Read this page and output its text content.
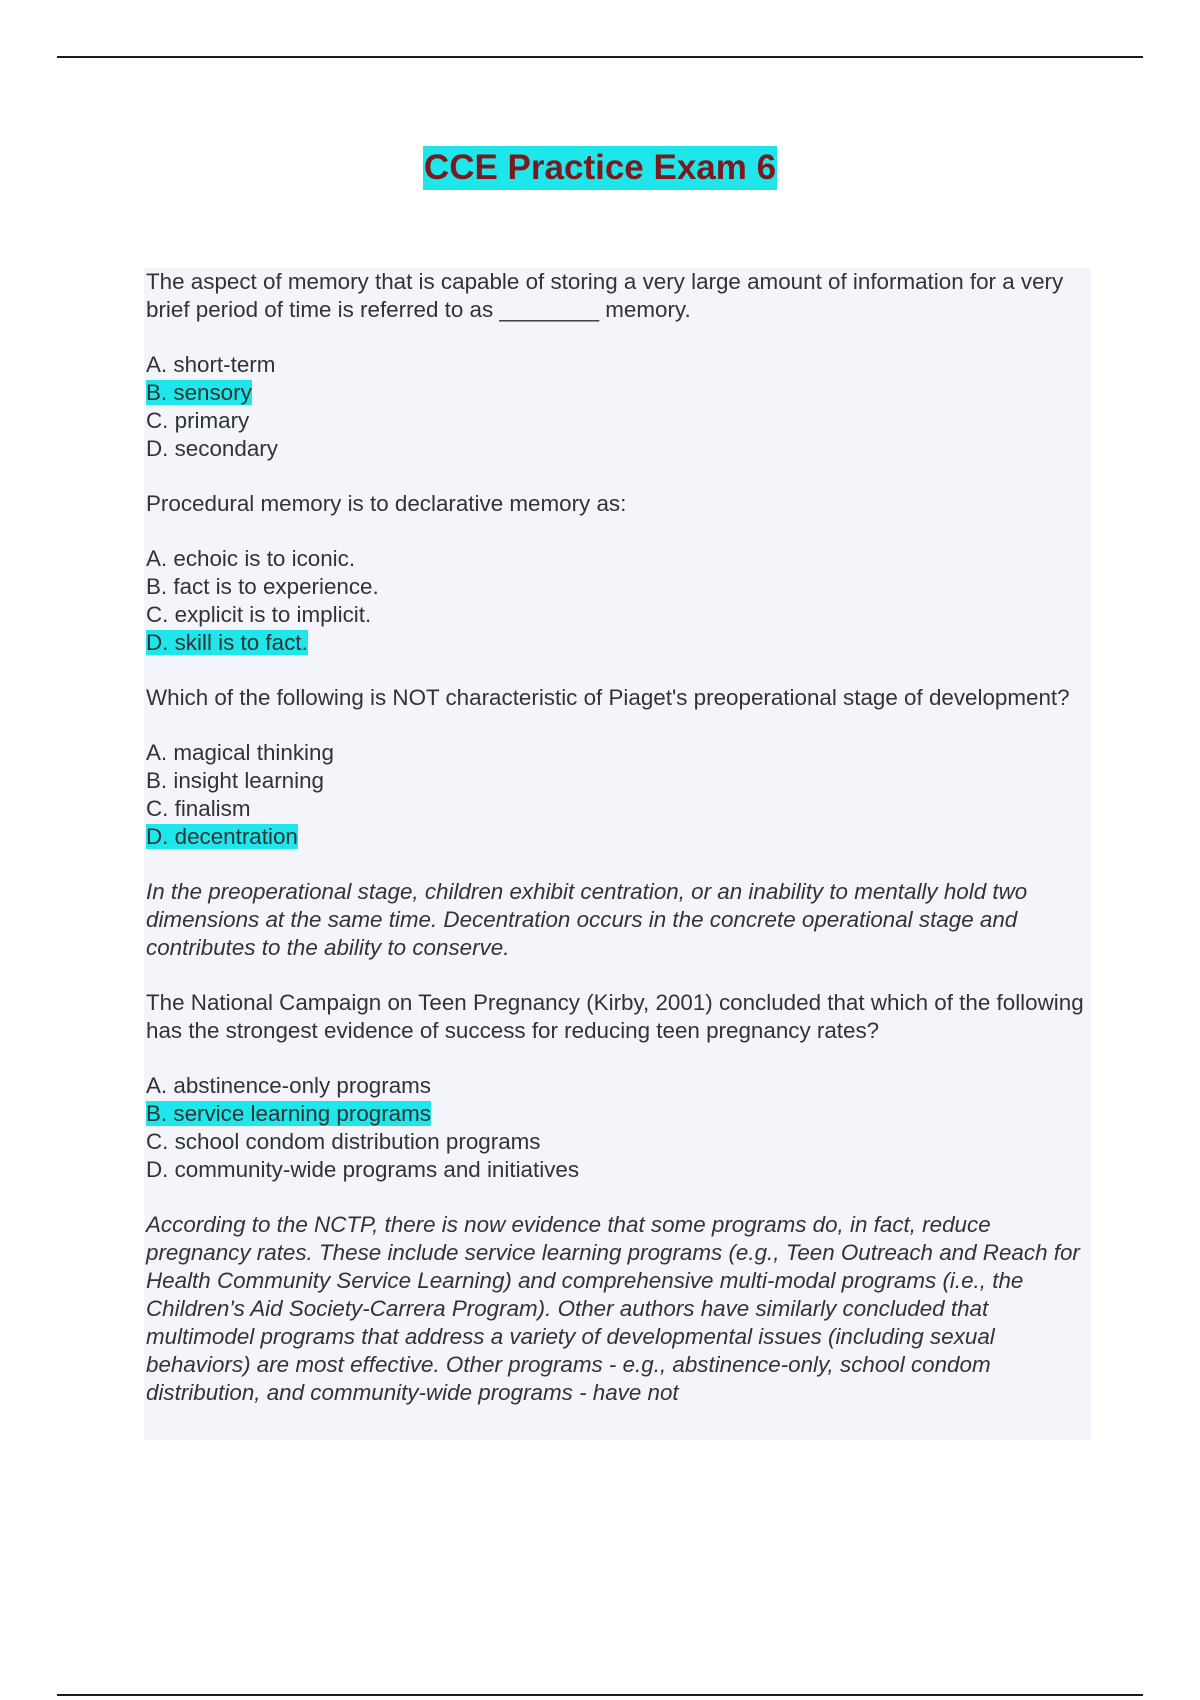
CCE Practice Exam 6
The aspect of memory that is capable of storing a very large amount of information for a very brief period of time is referred to as ________ memory.
A. short-term
B. sensory
C. primary
D. secondary
Procedural memory is to declarative memory as:
A. echoic is to iconic.
B. fact is to experience.
C. explicit is to implicit.
D. skill is to fact.
Which of the following is NOT characteristic of Piaget's preoperational stage of development?
A. magical thinking
B. insight learning
C. finalism
D. decentration
In the preoperational stage, children exhibit centration, or an inability to mentally hold two dimensions at the same time. Decentration occurs in the concrete operational stage and contributes to the ability to conserve.
The National Campaign on Teen Pregnancy (Kirby, 2001) concluded that which of the following has the strongest evidence of success for reducing teen pregnancy rates?
A. abstinence-only programs
B. service learning programs
C. school condom distribution programs
D. community-wide programs and initiatives
According to the NCTP, there is now evidence that some programs do, in fact, reduce pregnancy rates. These include service learning programs (e.g., Teen Outreach and Reach for Health Community Service Learning) and comprehensive multi-modal programs (i.e., the Children's Aid Society-Carrera Program). Other authors have similarly concluded that multimodel programs that address a variety of developmental issues (including sexual behaviors) are most effective. Other programs - e.g., abstinence-only, school condom distribution, and community-wide programs - have not
